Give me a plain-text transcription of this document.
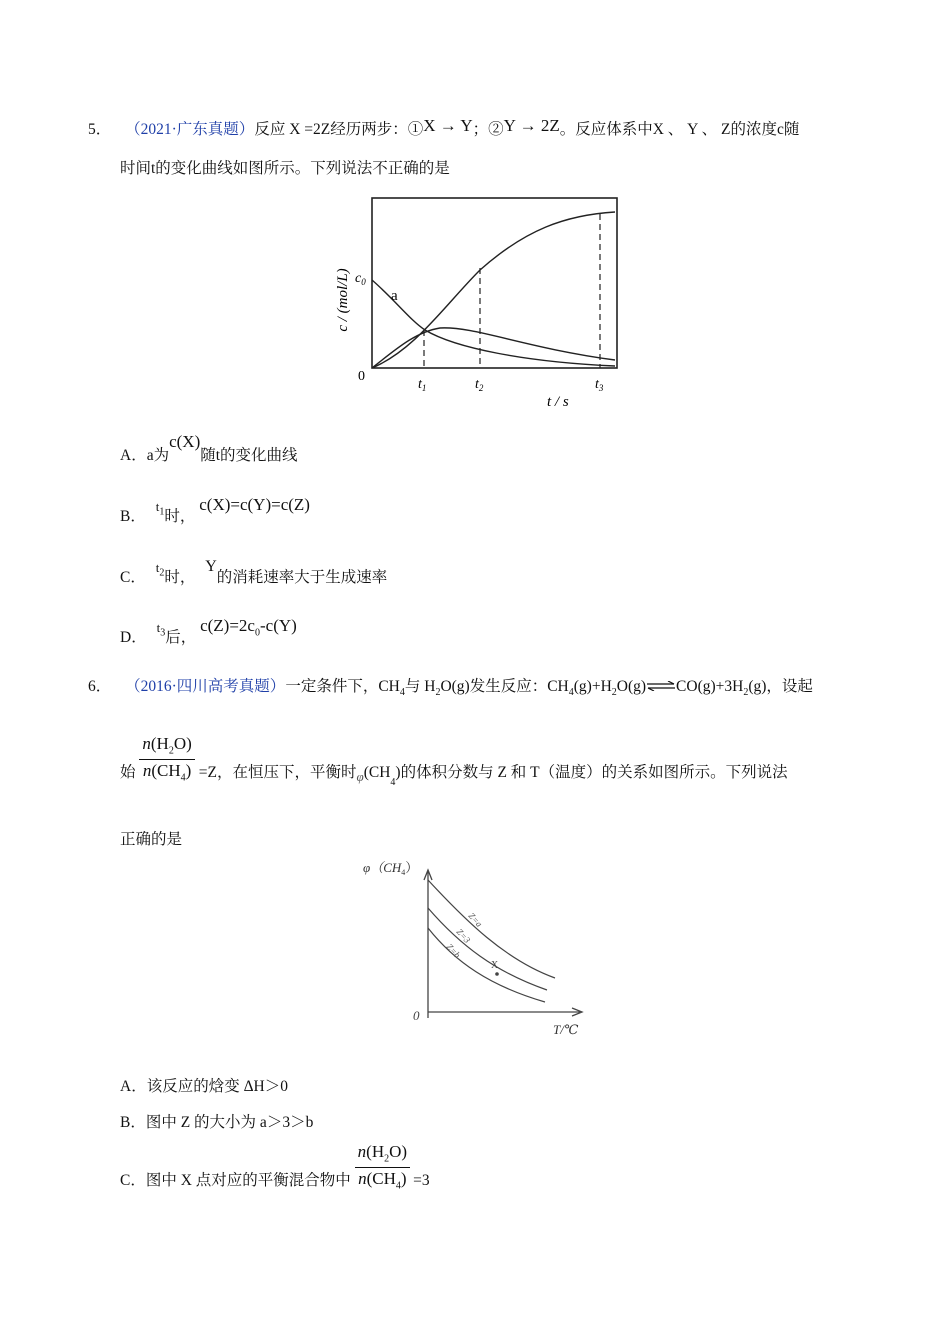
5． （2021·广东真题）反应 X =2Z经历两步：①X → Y；②Y → 2Z。反应体系中X 、 Y 、 Z的浓度c随
时间t的变化曲线如图所示。下列说法不正确的是
c / (mol/L) $c_0$
a
0
$t_1$	$t_2$	$t_3$
t / s
A．a为c(X)随t的变化曲线
B． $t_1$时， c(X)=c(Y)=c(Z)
C． $t_2$时， Y的消耗速率大于生成速率
D． $t_3$后， $c(Z)=2c_0-c(Y)$
6． （2016·四川高考真题）一定条件下，$CH_4$与 $H_2O(g)$发生反应：$CH_4(g)+H_2O(g)\rightleftharpoons CO(g)+3H_2(g)$，设起
始 $\frac{n(H_2O)}{n(CH_4)} =Z$，在恒压下，平衡时$_\varphi(CH_4)$的体积分数与 Z 和 T（温度）的关系如图所示。下列说法
正确的是
$\varphi(CH_4)$
Z=a
Z=3
Z=b
X
0
T/℃
A．该反应的焓变 ΔH＞0
B．图中 Z 的大小为 a＞3＞b
C．图中 X 点对应的平衡混合物中 $\frac{n(H_2O)}{n(CH_4)} =3$
